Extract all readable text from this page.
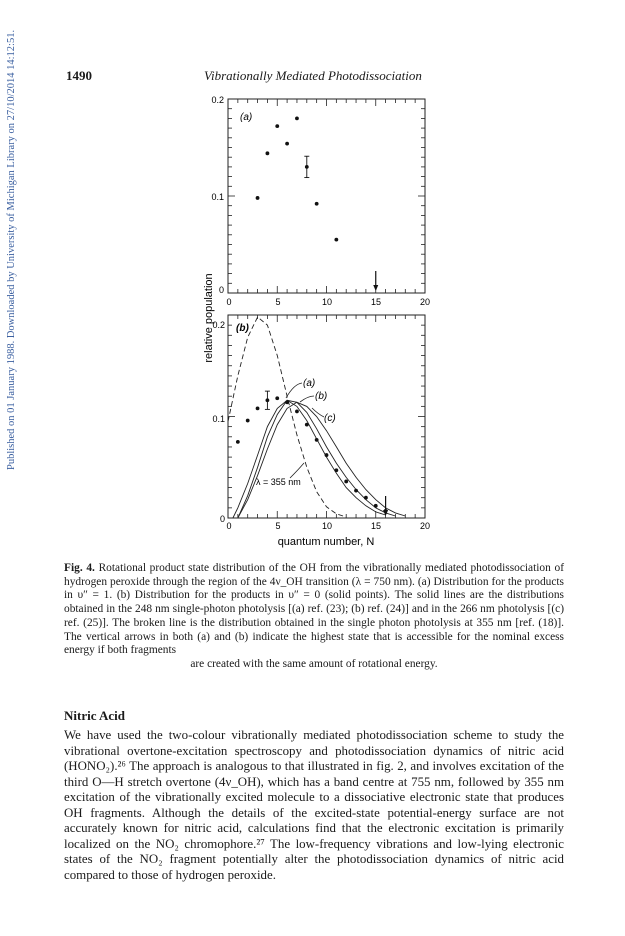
Published on 01 January 1988. Downloaded by University of Michigan Library on 27/10/2014 14:12:51.	1490	Vibrationally Mediated Photodissociation
relative population
(a)
0.2
0.1
0
0	5	10	15	20
(b)
0.2
0.1
0
0	5	10	15	20
(a)
(b)
(c)
λ = 355 nm
quantum number, N
Fig. 4. Rotational product state distribution of the OH from the vibrationally mediated photodissociation of hydrogen peroxide through the region of the 4ν_OH transition (λ = 750 nm). (a) Distribution for the products in υ″ = 1. (b) Distribution for the products in υ″ = 0 (solid points). The solid lines are the distributions obtained in the 248 nm single-photon photolysis [(a) ref. (23); (b) ref. (24)] and in the 266 nm photolysis [(c) ref. (25)]. The broken line is the distribution obtained in the single photon photolysis at 355 nm [ref. (18)]. The vertical arrows in both (a) and (b) indicate the highest state that is accessible for the nominal excess energy if both fragments
are created with the same amount of rotational energy.
Nitric Acid
We have used the two-colour vibrationally mediated photodissociation scheme to study the vibrational overtone-excitation spectroscopy and photodissociation dynamics of nitric acid (HONO₂).²⁶ The approach is analogous to that illustrated in fig. 2, and involves excitation of the third O—H stretch overtone (4ν_OH), which has a band centre at 755 nm, followed by 355 nm excitation of the vibrationally excited molecule to a dissociative electronic state that produces OH fragments. Although the details of the excited-state potential-energy surface are not accurately known for nitric acid, calculations find that the electronic excitation is primarily localized on the NO₂ chromophore.²⁷ The low-frequency vibrations and low-lying electronic states of the NO₂ fragment potentially alter the photodissociation dynamics of nitric acid compared to those of hydrogen peroxide.
